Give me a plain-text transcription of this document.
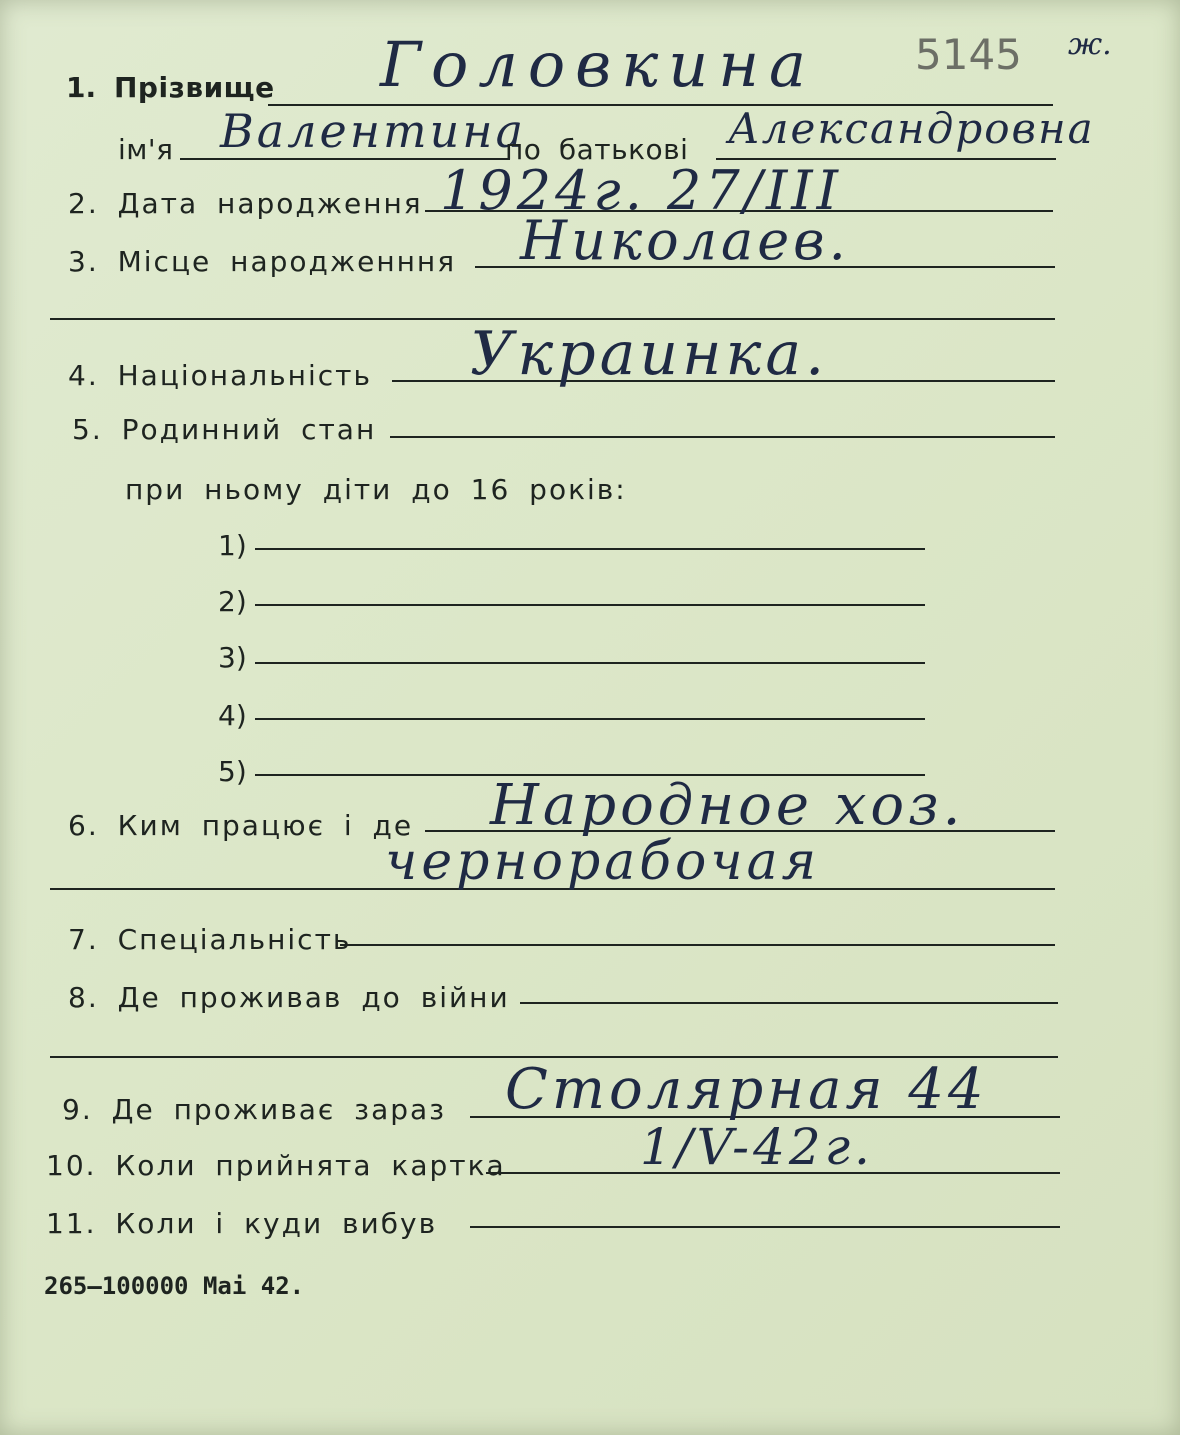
1. Прізвище Головкина 5145 ж.
ім'я Валентина
по батькові Александровна
2. Дата народження 1924г. 27/III
3. Місце народженння Николаев.
4. Національність Украинка.
5. Родинний стан
при ньому діти до 16 років:
1)
2)
3)
4)
5)
6. Ким працює і де Народное хоз.
чернорабочая
7. Спеціальність
8. Де проживав до війни
9. Де проживає зараз Столярная 44
10. Коли прийнята картка	1/V-42г.
11. Коли і куди вибув
265—100000 Mai 42.
